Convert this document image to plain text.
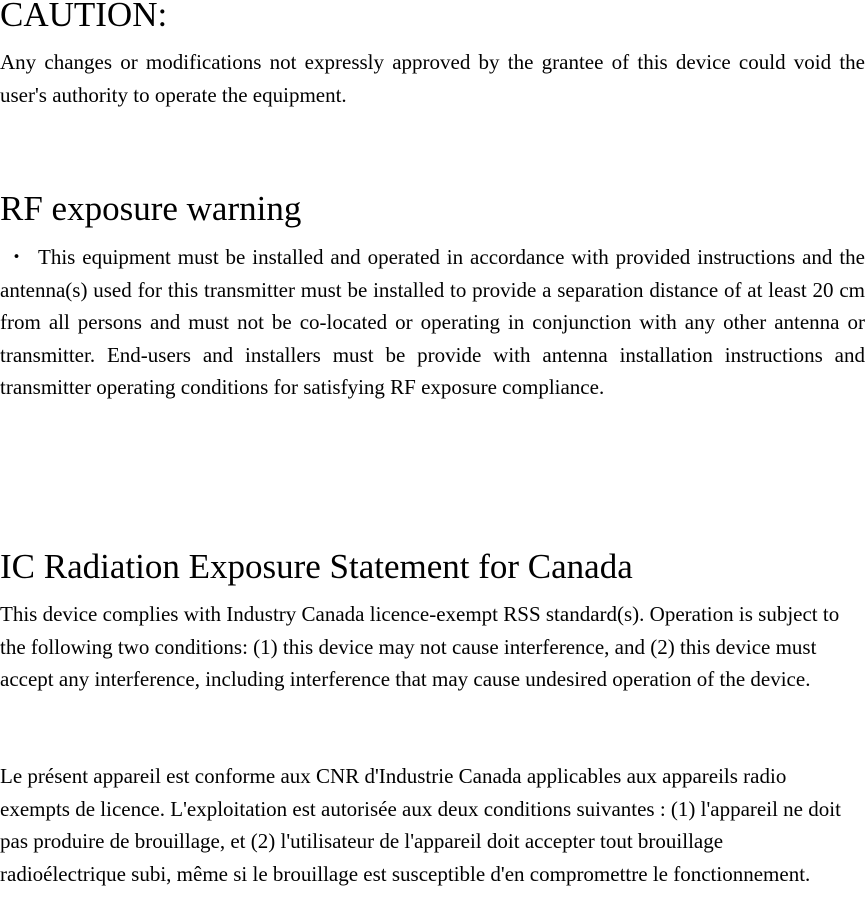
CAUTION:

Any changes or modifications not expressly approved by the grantee of this device could void the user's authority to operate the equipment.

RF exposure warning

・ This equipment must be installed and operated in accordance with provided instructions and the antenna(s) used for this transmitter must be installed to provide a separation distance of at least 20 cm from all persons and must not be co-located or operating in conjunction with any other antenna or transmitter. End-users and installers must be provide with antenna installation instructions and transmitter operating conditions for satisfying RF exposure compliance.

IC Radiation Exposure Statement for Canada

This device complies with Industry Canada licence-exempt RSS standard(s). Operation is subject to the following two conditions: (1) this device may not cause interference, and (2) this device must accept any interference, including interference that may cause undesired operation of the device.

Le présent appareil est conforme aux CNR d'Industrie Canada applicables aux appareils radio exempts de licence. L'exploitation est autorisée aux deux conditions suivantes : (1) l'appareil ne doit pas produire de brouillage, et (2) l'utilisateur de l'appareil doit accepter tout brouillage radioélectrique subi, même si le brouillage est susceptible d'en compromettre le fonctionnement.
